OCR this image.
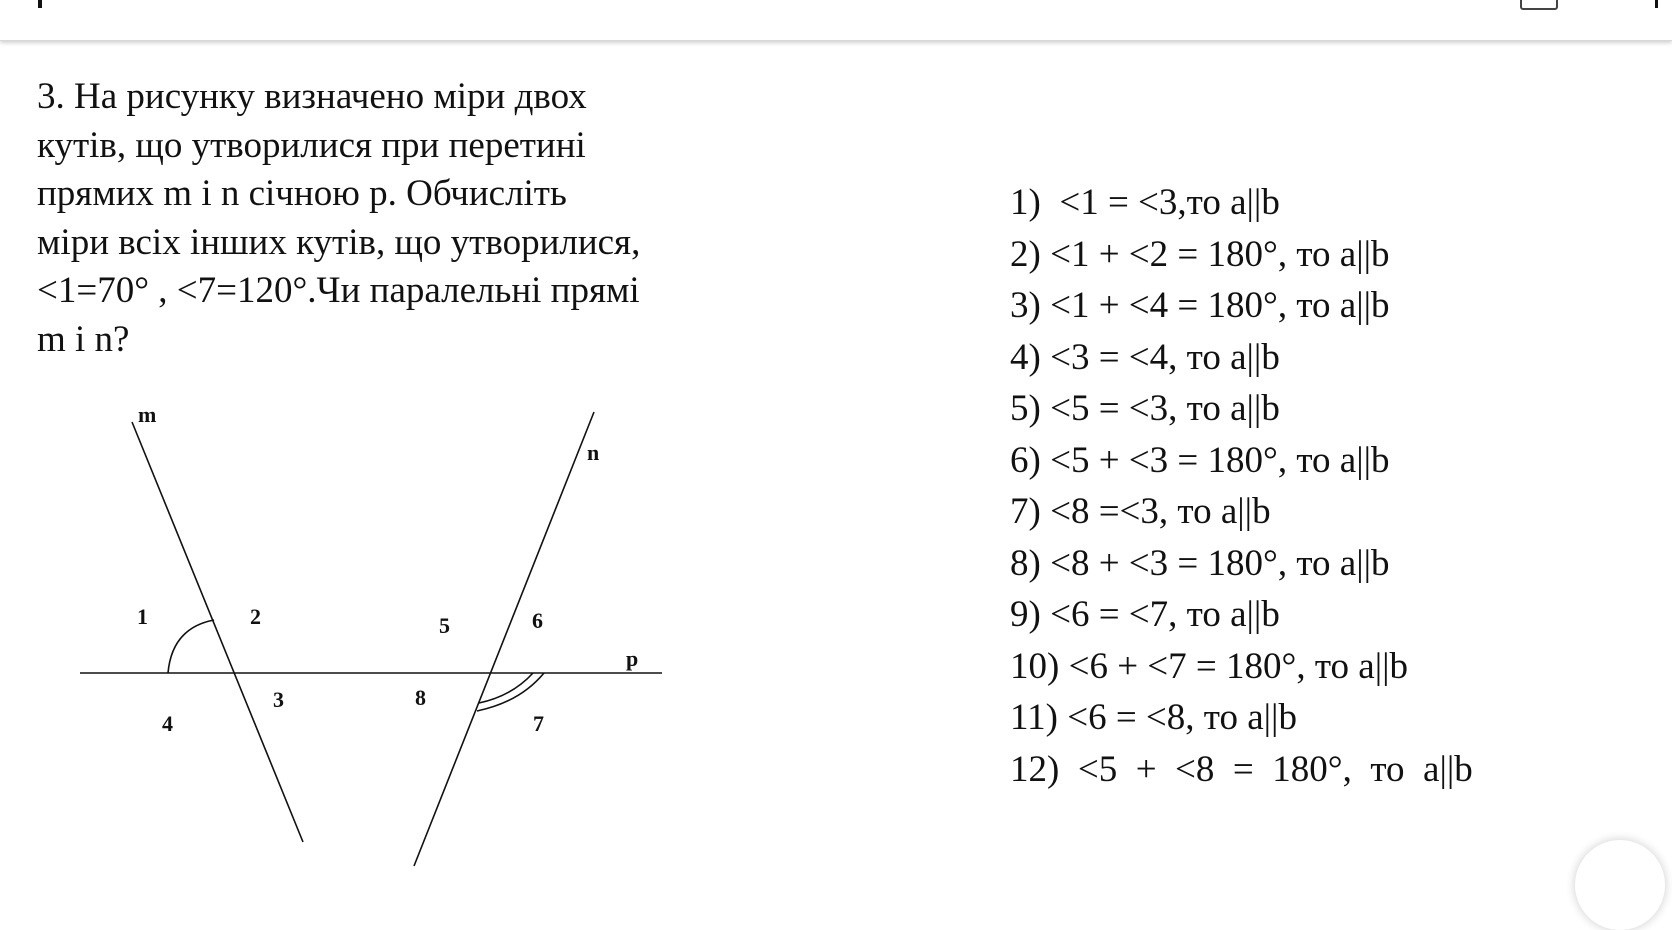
3. На рисунку визначено міри двох
кутів, що утворилися при перетині
прямих m і n січною р. Обчисліть
міри всіх інших кутів, що утворилися,
<1=70° , <7=120°.Чи паралельні прямі
m і n?
m
n
p
1	2
3
4
5	6
7
8
1)  <1 = <3,то a||b
2) <1 + <2 = 180°, то a||b
3) <1 + <4 = 180°, то a||b
4) <3 = <4, то a||b
5) <5 = <3, то a||b
6) <5 + <3 = 180°, то a||b
7) <8 =<3, то a||b
8) <8 + <3 = 180°, то a||b
9) <6 = <7, то a||b
10) <6 + <7 = 180°, то a||b
11) <6 = <8, то a||b
12)  <5  +  <8  =  180°,  то  a||b
